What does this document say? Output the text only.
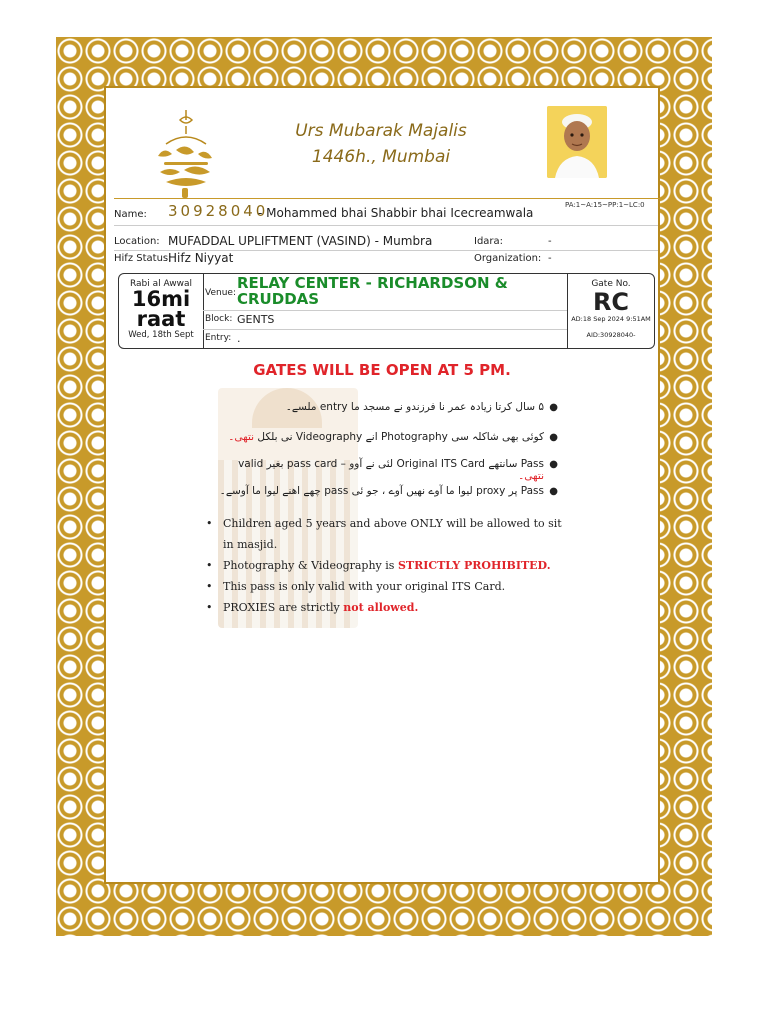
Urs Mubarak Majalis
1446h., Mumbai
PA:1~A:15~PP:1~LC:0
Name: 30928040
- Mohammed bhai Shabbir bhai Icecreamwala
Location: MUFADDAL UPLIFTMENT (VASIND) - Mumbra	Idara:	-
Hifz Status:
Hifz Niyyat	Organization: -
Rabi al Awwal
16mi
raat
Wed, 18th Sept
Venue:
RELAY CENTER - RICHARDSON & CRUDDAS
Block: GENTS
Entry: .
Gate No.
RC
AD:18 Sep 2024 9:51AM
AID:30928040-
GATES WILL BE OPEN AT 5 PM.
●
۵ سال کرتا زیادہ عمر نا فرزندو نے مسجد ما entry ملسے۔
●
کوئی بھی شاکلہ سی Photography انے Videography نی بلکل نتھی۔
●
Pass سانتھے Original ITS Card لئی نے آوو – pass card بغیر valid نتھی۔
●
Pass پر proxy لیوا ما آوے نهیں آوے ، جو ئی pass چھے اھنے لیوا ما آوسے۔
• Children aged 5 years and above ONLY will be allowed to sit in masjid.
• Photography & Videography is STRICTLY PROHIBITED.
• This pass is only valid with your original ITS Card.
• PROXIES are strictly not allowed.
